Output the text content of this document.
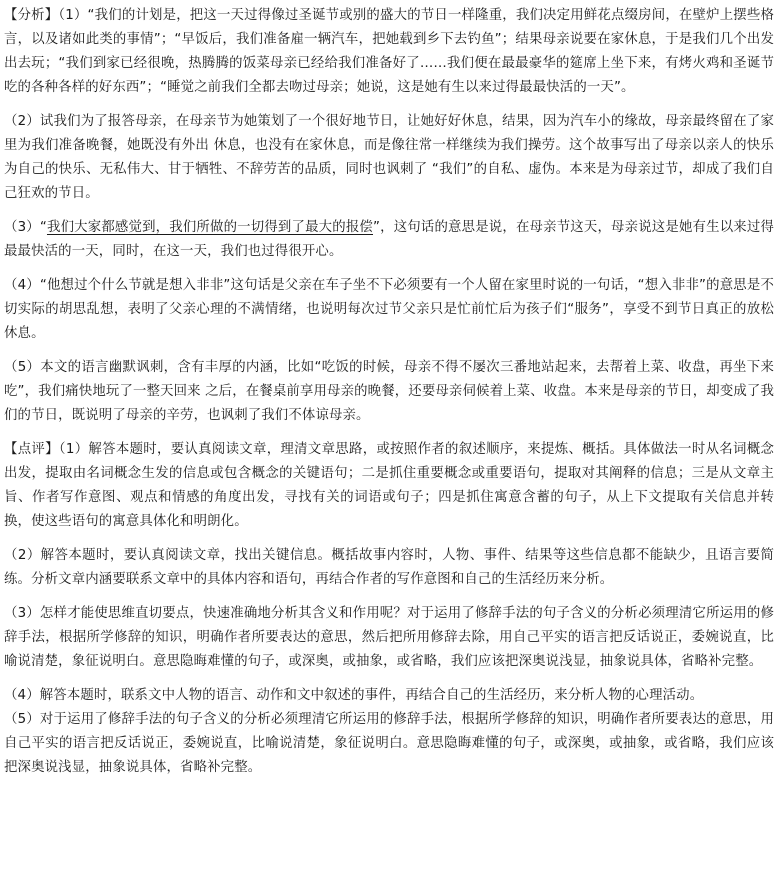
【分析】（1）“我们的计划是，把这一天过得像过圣诞节或别的盛大的节日一样隆重，我们决定用鲜花点缀房间，在壁炉上摆些格言，以及诸如此类的事情”；“早饭后，我们准备雇一辆汽车，把她载到乡下去钓鱼”；结果母亲说要在家休息，于是我们几个出发出去玩；“我们到家已经很晚，热腾腾的饭菜母亲已经给我们准备好了……我们便在最最豪华的筵席上坐下来，有烤火鸡和圣诞节吃的各种各样的好东西”；“睡觉之前我们全都去吻过母亲；她说，这是她有生以来过得最最快活的一天”。

（2）试我们为了报答母亲，在母亲节为她策划了一个很好地节日，让她好好休息，结果，因为汽车小的缘故，母亲最终留在了家里为我们准备晚餐，她既没有外出 休息，也没有在家休息，而是像往常一样继续为我们操劳。这个故事写出了母亲以亲人的快乐为自己的快乐、无私伟大、甘于牺牲、不辞劳苦的品质，同时也讽刺了 “我们”的自私、虚伪。本来是为母亲过节，却成了我们自己狂欢的节日。

（3）“我们大家都感觉到，我们所做的一切得到了最大的报偿”，这句话的意思是说，在母亲节这天，母亲说这是她有生以来过得最最快活的一天，同时，在这一天，我们也过得很开心。

（4）“他想过个什么节就是想入非非”这句话是父亲在车子坐不下必须要有一个人留在家里时说的一句话，“想入非非”的意思是不切实际的胡思乱想，表明了父亲心理的不满情绪，也说明每次过节父亲只是忙前忙后为孩子们“服务”，享受不到节日真正的放松休息。

（5）本文的语言幽默讽刺，含有丰厚的内涵，比如“吃饭的时候，母亲不得不屡次三番地站起来，去帮着上菜、收盘，再坐下来吃”，我们痛快地玩了一整天回来 之后，在餐桌前享用母亲的晚餐，还要母亲伺候着上菜、收盘。本来是母亲的节日，却变成了我们的节日，既说明了母亲的辛劳，也讽刺了我们不体谅母亲。

【点评】（1）解答本题时，要认真阅读文章，理清文章思路，或按照作者的叙述顺序，来提炼、概括。具体做法一时从名词概念出发，提取由名词概念生发的信息或包含概念的关键语句；二是抓住重要概念或重要语句，提取对其阐释的信息；三是从文章主旨、作者写作意图、观点和情感的角度出发，寻找有关的词语或句子；四是抓住寓意含蓄的句子，从上下文提取有关信息并转换，使这些语句的寓意具体化和明朗化。

（2）解答本题时，要认真阅读文章，找出关键信息。概括故事内容时，人物、事件、结果等这些信息都不能缺少，且语言要简练。分析文章内涵要联系文章中的具体内容和语句，再结合作者的写作意图和自己的生活经历来分析。

（3）怎样才能使思维直切要点，快速准确地分析其含义和作用呢？对于运用了修辞手法的句子含义的分析必须理清它所运用的修辞手法，根据所学修辞的知识，明确作者所要表达的意思，然后把所用修辞去除，用自己平实的语言把反话说正，委婉说直，比喻说清楚，象征说明白。意思隐晦难懂的句子，或深奥，或抽象，或省略，我们应该把深奥说浅显，抽象说具体，省略补完整。

（4）解答本题时，联系文中人物的语言、动作和文中叙述的事件，再结合自己的生活经历，来分析人物的心理活动。

（5）对于运用了修辞手法的句子含义的分析必须理清它所运用的修辞手法，根据所学修辞的知识，明确作者所要表达的意思，用自己平实的语言把反话说正，委婉说直，比喻说清楚，象征说明白。意思隐晦难懂的句子，或深奥，或抽象，或省略，我们应该把深奥说浅显，抽象说具体，省略补完整。
